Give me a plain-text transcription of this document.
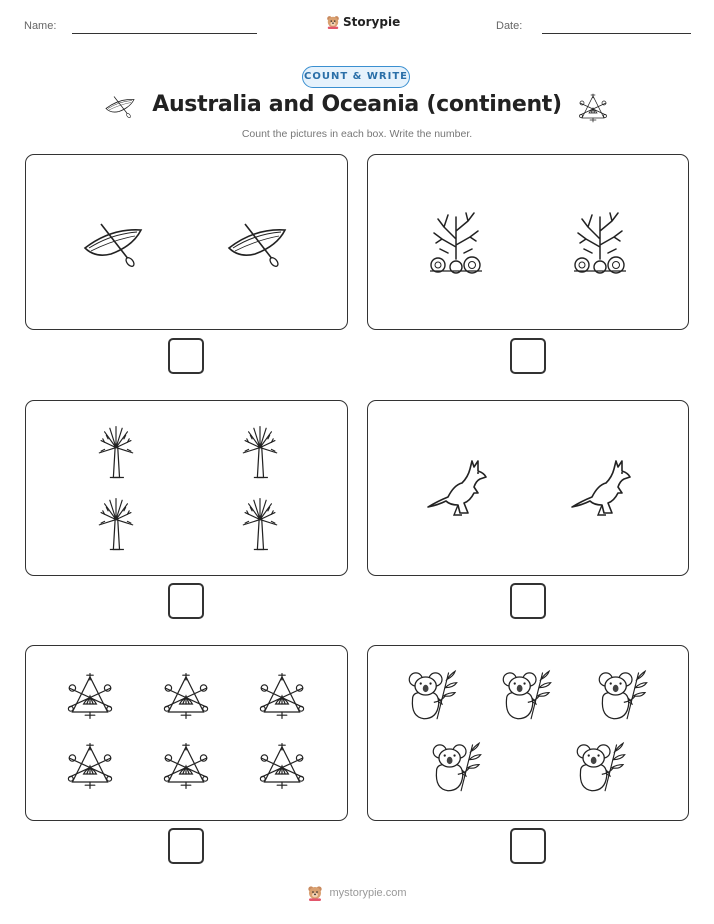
Name:	Storypie	Date:
COUNT & WRITE
Australia and Oceania (continent)
Count the pictures in each box. Write the number.
mystorypie.com
